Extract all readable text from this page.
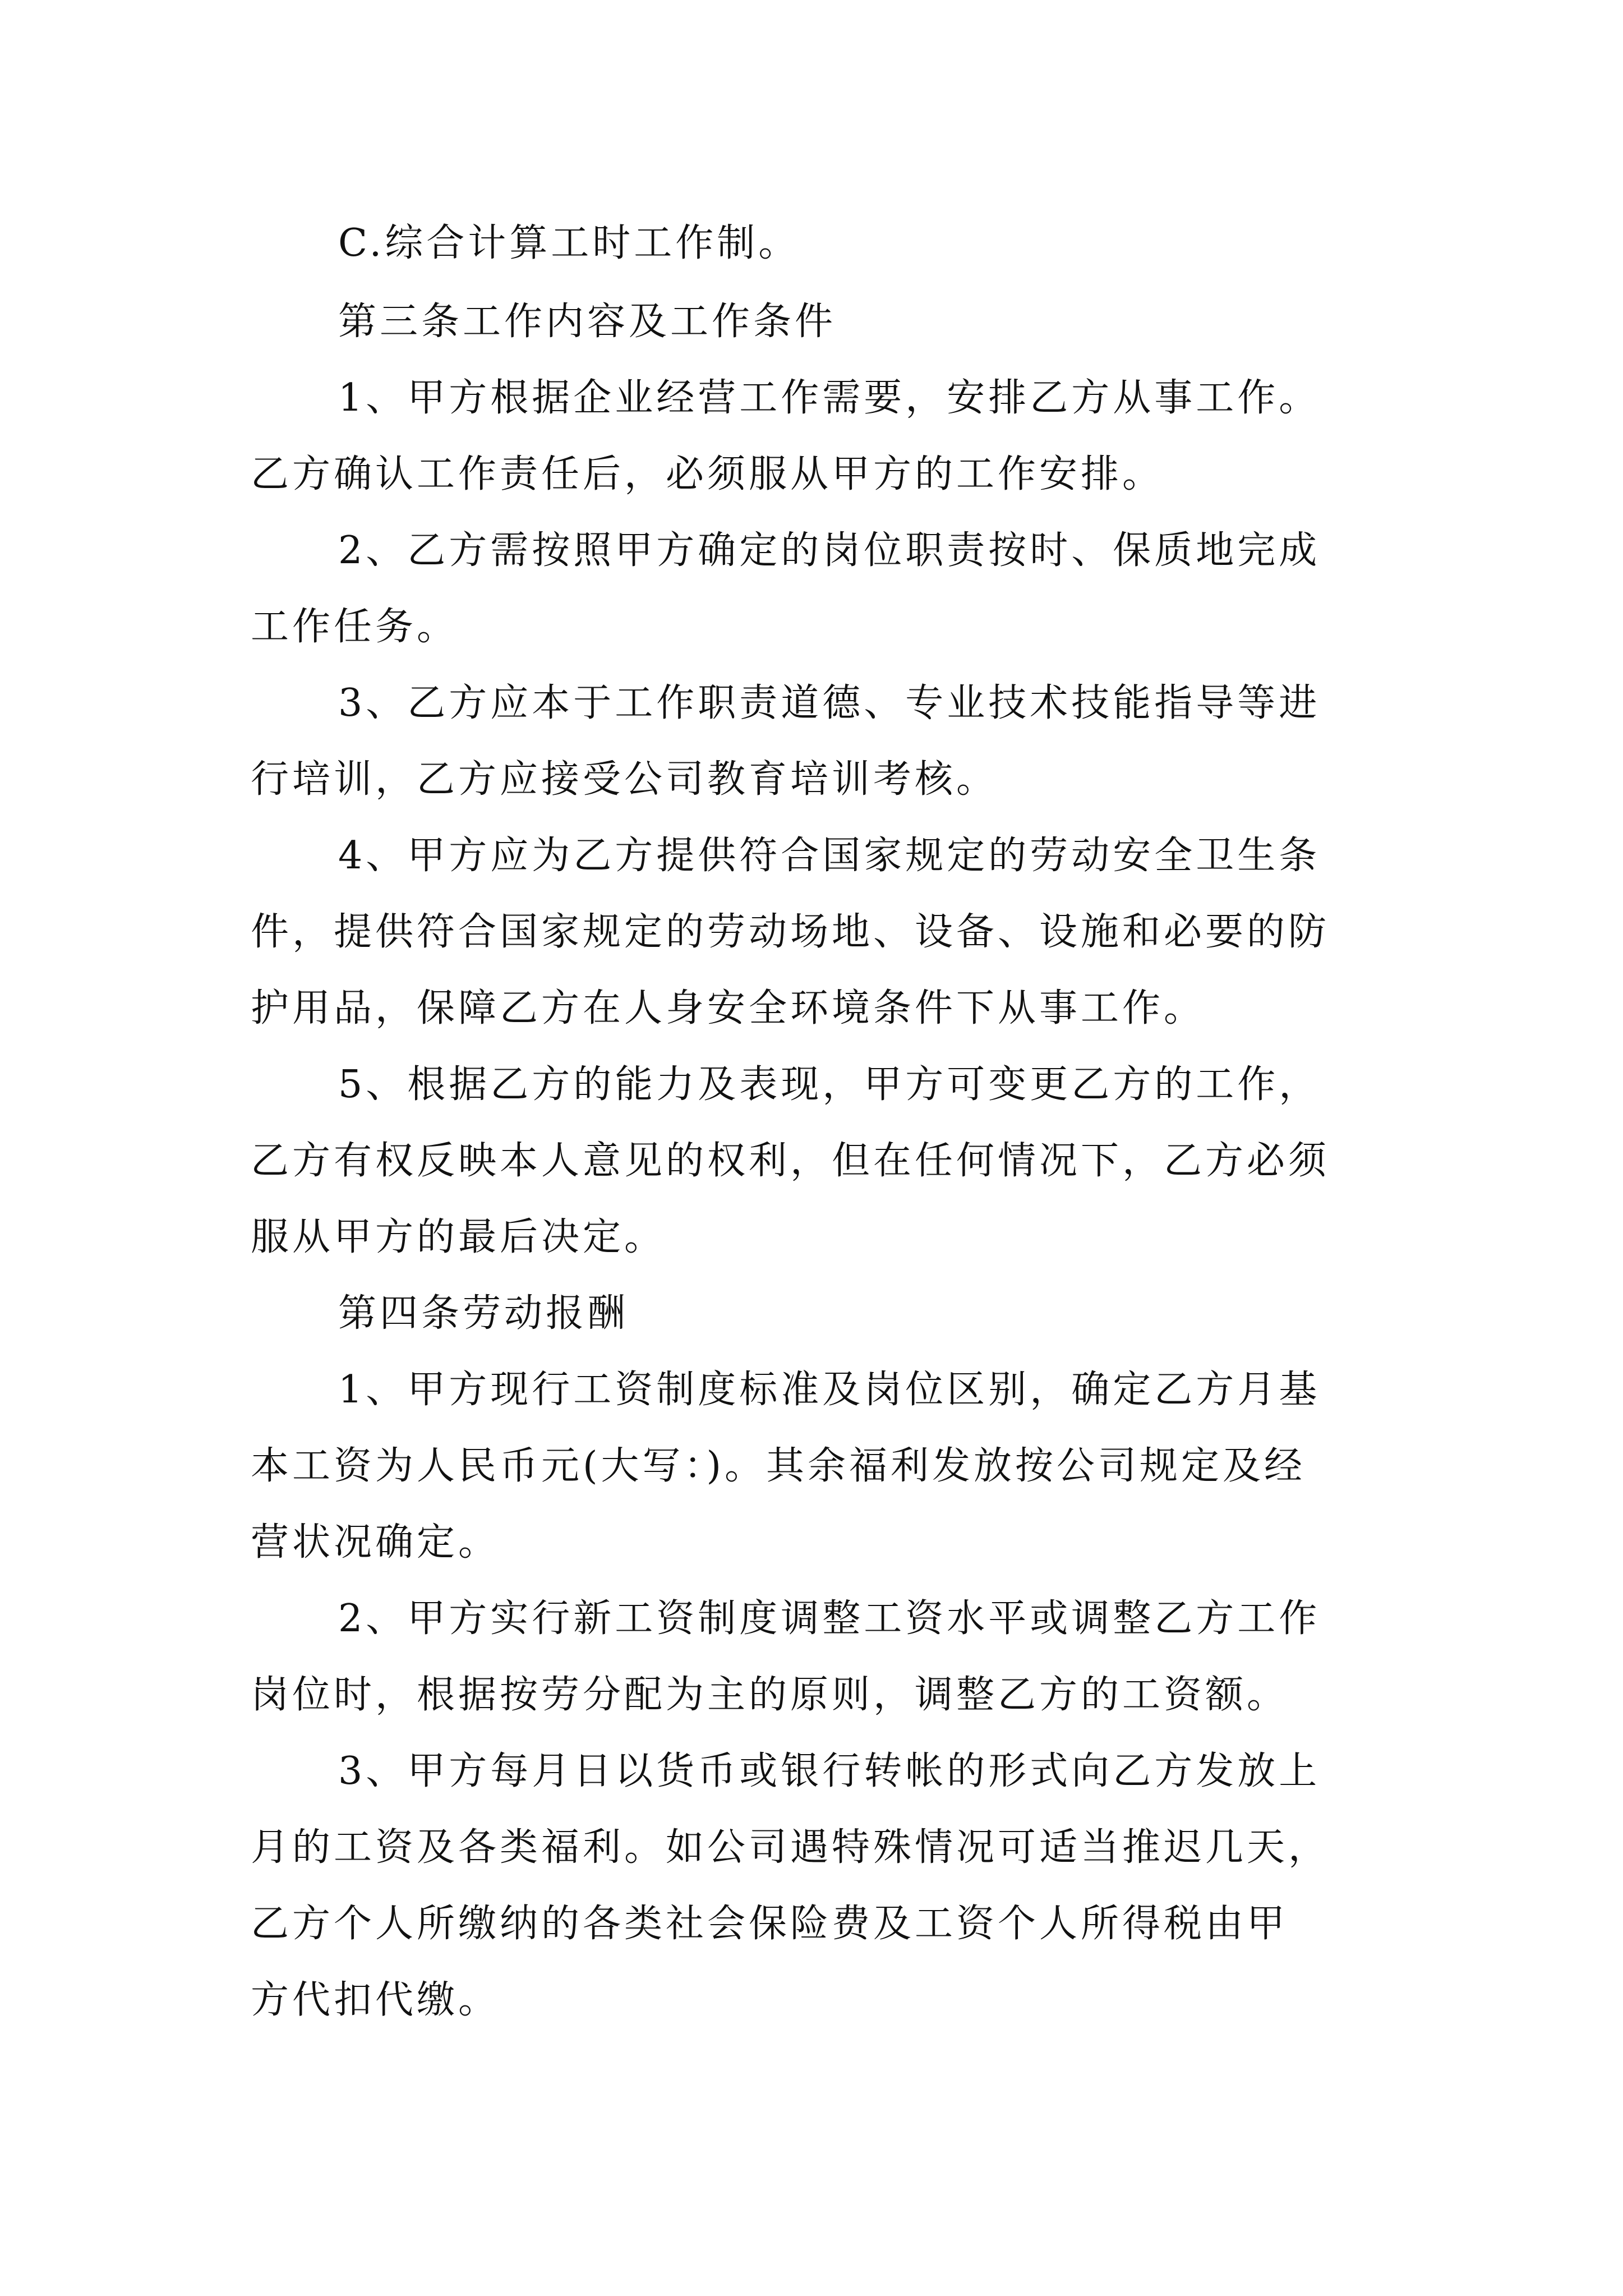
C.综合计算工时工作制。
第三条工作内容及工作条件
1、甲方根据企业经营工作需要，安排乙方从事工作。
乙方确认工作责任后，必须服从甲方的工作安排。
2、乙方需按照甲方确定的岗位职责按时、保质地完成
工作任务。
3、乙方应本于工作职责道德、专业技术技能指导等进
行培训，乙方应接受公司教育培训考核。
4、甲方应为乙方提供符合国家规定的劳动安全卫生条
件，提供符合国家规定的劳动场地、设备、设施和必要的防
护用品，保障乙方在人身安全环境条件下从事工作。
5、根据乙方的能力及表现，甲方可变更乙方的工作，
乙方有权反映本人意见的权利，但在任何情况下，乙方必须
服从甲方的最后决定。
第四条劳动报酬
1、甲方现行工资制度标准及岗位区别，确定乙方月基
本工资为人民币元(大写：)。其余福利发放按公司规定及经
营状况确定。
2、甲方实行新工资制度调整工资水平或调整乙方工作
岗位时，根据按劳分配为主的原则，调整乙方的工资额。
3、甲方每月日以货币或银行转帐的形式向乙方发放上
月的工资及各类福利。如公司遇特殊情况可适当推迟几天，
乙方个人所缴纳的各类社会保险费及工资个人所得税由甲
方代扣代缴。
